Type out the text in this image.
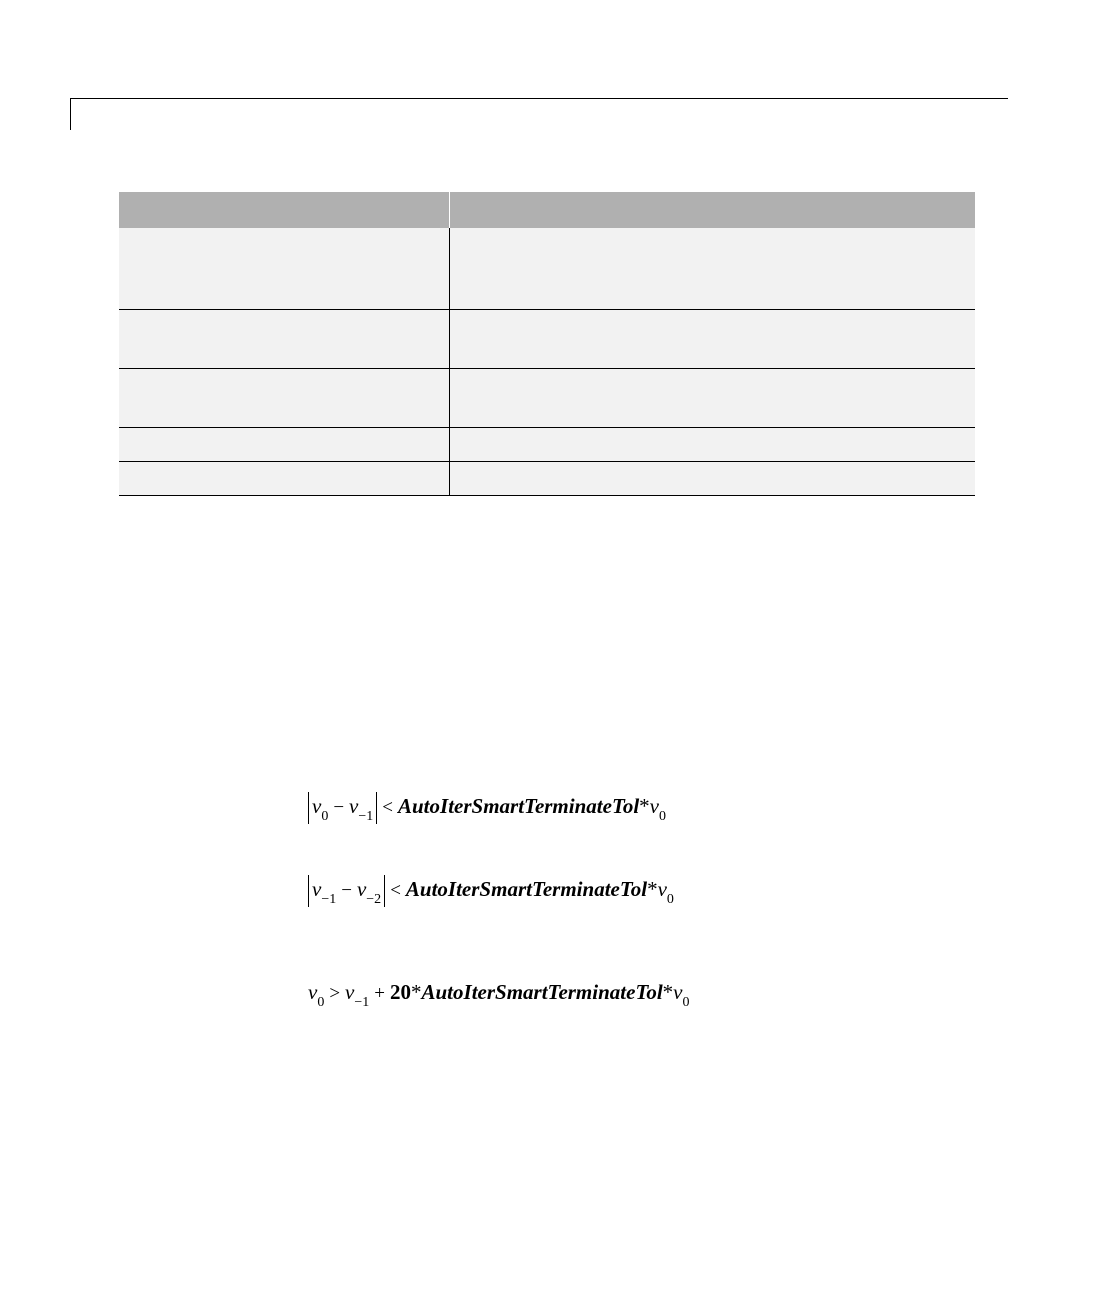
$v_0 - v_{-1}$ < $AutoIterSmartTerminateTol*v_0$
$v_{-1} - v_{-2}$ < $AutoIterSmartTerminateTol*v_0$
$v_0 > v_{-1}$ + $20*AutoIterSmartTerminateTol*v_0$
